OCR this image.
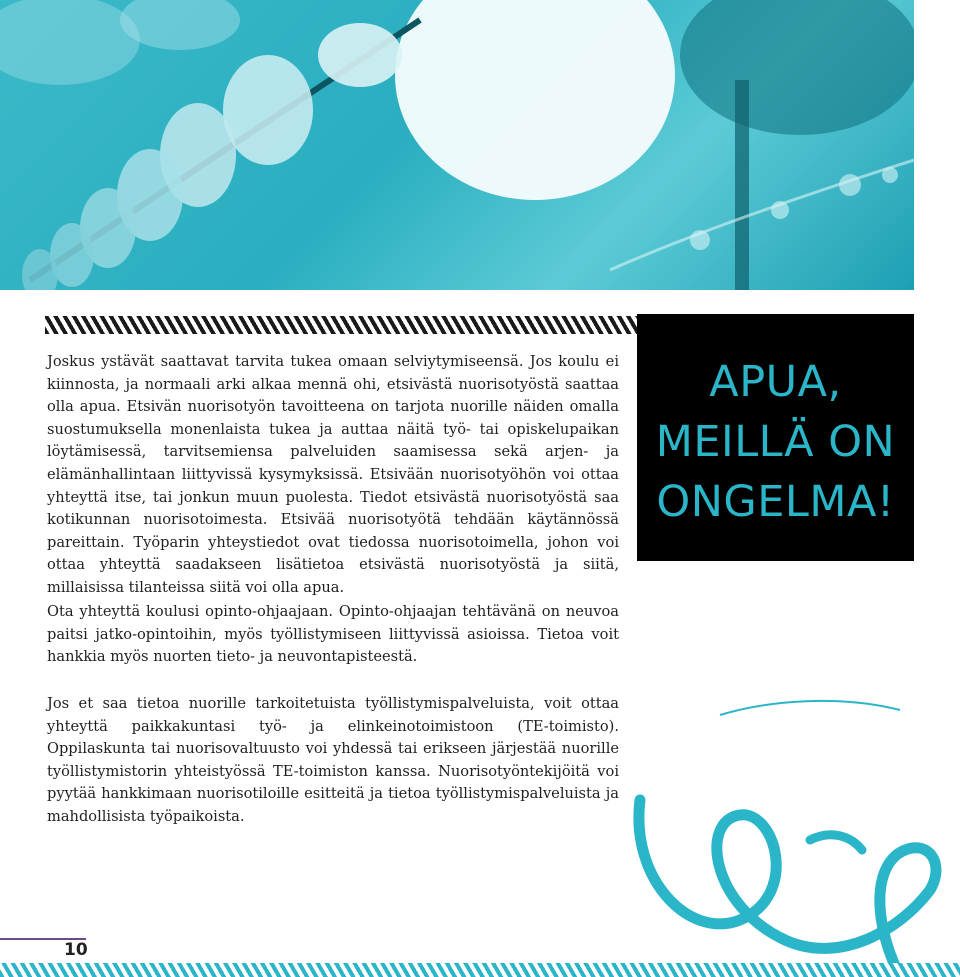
APUA,
MEILLÄ ON
ONGELMA!

Joskus ystävät saattavat tarvita tukea omaan selviytymiseensä. Jos koulu ei kiinnosta, ja normaali arki alkaa mennä ohi, etsivästä nuorisotyöstä saattaa olla apua. Etsivän nuorisotyön tavoitteena on tarjota nuorille näiden omalla suostumuksella monenlaista tukea ja auttaa näitä työ- tai opiskelupaikan löytämisessä, tarvitsemiensa palveluiden saamisessa sekä arjen- ja elämänhallintaan liittyvissä kysymyksissä. Etsivään nuorisotyöhön voi ottaa yhteyttä itse, tai jonkun muun puolesta. Tiedot etsivästä nuorisotyöstä saa kotikunnan nuorisotoimesta. Etsivää nuorisotyötä tehdään käytännössä pareittain. Työparin yhteystiedot ovat tiedossa nuorisotoimella, johon voi ottaa yhteyttä saadakseen lisätietoa etsivästä nuorisotyöstä ja siitä, millaisissa tilanteissa siitä voi olla apua.

Ota yhteyttä koulusi opinto-ohjaajaan. Opinto-ohjaajan tehtävänä on neuvoa paitsi jatko-opintoihin, myös työllistymiseen liittyvissä asioissa. Tietoa voit hankkia myös nuorten tieto- ja neuvontapisteestä.

Jos et saa tietoa nuorille tarkoitetuista työllistymispalveluista, voit ottaa yhteyttä paikkakuntasi työ- ja elinkeinotoimistoon (TE-toimisto). Oppilaskunta tai nuorisovaltuusto voi yhdessä tai erikseen järjestää nuorille työllistymistorin yhteistyössä TE-toimiston kanssa. Nuorisotyöntekijöitä voi pyytää hankkimaan nuorisotiloille esitteitä ja tietoa työllistymispalveluista ja mahdollisista työpaikoista.

10
